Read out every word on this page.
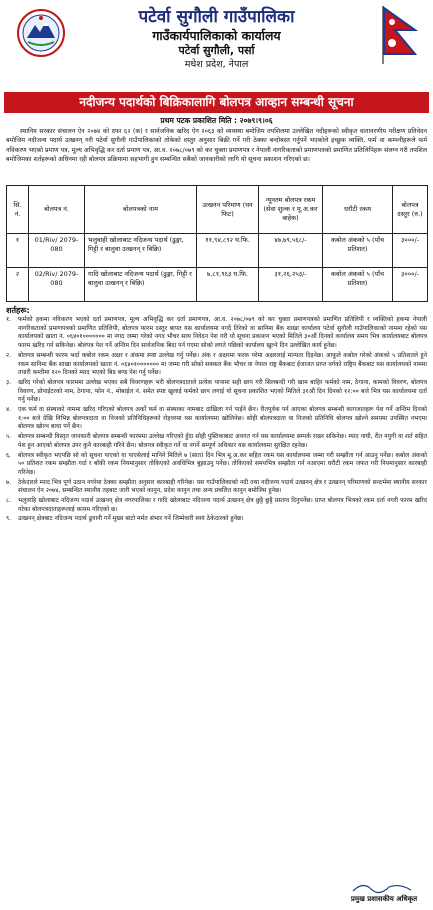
पटेर्वा सुगौली गाउँपालिका
गाउँकार्यपालिकाको कार्यालय
पटेर्वा सुगौली, पर्सा
मधेश प्रदेश, नेपाल
नदीजन्य पदार्थको बिक्रिकालागि बोलपत्र आव्हान सम्बन्धी सूचना
प्रथम पटक प्रकाशित मिति : २०७९।९।०६

स्थानिय सरकार संचालन ऐन २०७४ को दफा ६२ (क) र सार्वजनिक खरिद ऐन २०६३ को व्यवस्था बमोजिम तपशिलमा उल्लेखित नदीहरूको स्वीकृत वातावरणीय परीक्षण प्रतिवेदन बमोजिम नदीजन्य पदार्थ उत्खनन् गरी पटेर्वा सुगौली गाउँपालिकाको तोकेको दस्तुर अनुसार बिक्री गर्ने गरी ठेक्का बन्दोबस्त गर्नुपर्ने भएकोले इच्छुक व्यक्ति, फर्म वा कम्पनीहरूले फर्म नविकरण भएको प्रमाण पत्र, मूल्य अभिवृद्धि कर दर्ता प्रमाण पत्र, आ.व. २०७८/०७९ को कर चुक्ता प्रमाणपत्र र नेपाली नागरिकताको प्रमाणपत्रको प्रमाणित प्रतिलिपिहरू संलग्न गरी तपशिल बमोजिमका शर्तहरूको अधिनमा रही बोलपत्र प्रक्रियामा सहभागी हुन सम्बन्धित सबैको जानकारीको लागि यो सूचना प्रकाशन गरिएको छ।

सि. नं.	बोलपत्र नं.	बोलपत्रको नाम	उत्खनन परिमाण (घन फिट)	न्यूनतम बोलपत्र रकम (सेवा शुल्क र मू.अ.कर बाहेक)	धरौटी रकम	बोलपत्र दस्तुर (रु.)
१	01/Riv/ 2079-080	भलुवाही खोलाबाट नदिजन्य पदार्थ (ढुङ्गा, गिट्टी र बालुवा उत्खनन् र बिक्रि)	११,९४,८९२ घ.फि.	४७,७९,५६८/-	कबोल अंकको ५ (पाँच प्रतिशत)	३०००/-
२	02/Riv/ 2079-080	गादि खोलाबाट नदिजन्य पदार्थ (ढुङ्गा, गिट्टी र बालुवा उत्खनन् र बिक्रि)	७,८१,९६३ घ.फि.	३१,२६,२५३/-	कबोल अंकको ५ (पाँच प्रतिशत)	३०००/-
शर्तहरू:
१. फर्मको हकमा नविकरण भएको दर्ता प्रमाणपत्र, मूल्य अभिवृद्धि कर दर्ता प्रमाणपत्र, आ.व. २०७८/०७९ को कर चुक्ता प्रमाणपत्रको प्रमाणित प्रतिलिपी र व्यक्तिको हकमा नेपाली नागरिकताको प्रमाणपत्रको प्रमाणित प्रतिलिपी, बोलपत्र फारम दस्तुर बापत यस कार्यालयमा नगदै तिरेको वा सानिमा बैंक शाखा कार्यालय पटेर्वा सुगौली गाउँपालिकाको नाममा रहेको यस कार्यालयको खाता नं. ०६४०१००००००० मा नगद जम्मा गरेको नगद भौचर साथ निवेदन पेश गरी यो सूचना प्रकाशन भएको मितिले ३०औं दिनको कार्यालय समय भित्र कार्यालयबाट बोलपत्र फारम खरिद गर्न सकिनेछ। बोलपत्र पेश गर्ने अन्तिम दिन सार्वजनिक बिदा पर्न गएमा सोको लगते पछिको कार्यालय खुल्ने दिन उल्लेखित कार्य हुनेछ।
२. बोलपत्र सम्बन्धी फारम भर्दा कबोल रकम अक्षर र अंकमा स्पष्ट उल्लेख गर्नु पर्नेछ। अंक र अक्षरमा फरक परेमा अक्षरलाई मान्यता दिइनेछ। आफूले कबोल गरेको अंकको ५ प्रतिशतले हुने रकम सानिमा बैंक शाखा कार्यालयको खाता नं. ०६४०१००००००० मा जम्मा गरी सोको सक्कल बैंक भौचर वा नेपाल राष्ट्र बैंकबाट ईजाजत प्राप्त वर्गको राष्ट्रिय बैंकबाट यस कार्यालयको नाममा तयारी कम्तीमा १२० दिनको म्याद भएको बिड बण्ड पेश गर्नु पर्नेछ।
३. खरिद गरेको बोलपत्र फारममा उल्लेख भएका सबै विवरणहरू भरी बोलपत्रदाताले प्रत्येक पानामा सही छाप गरी सिलबन्दी गरी खाम बाहिर फर्मको नाम, ठेगाना, कामको विवरण, बोलपत्र विवरण, प्रोपाईटरको नाम, ठेगाना, फोन नं., मोबाईल नं. समेत स्पष्ट खुलाई फर्मको छाप लगाई यो सूचना प्रकाशित भएको मितिले ३१औं दिन दिनको १२:०० बजे भित्र यस कार्यालयमा दर्ता गर्नु पर्नेछ।
४. एक फर्म वा संस्थाको नाममा खरिद गरिएको बोलपत्र अर्को फर्म वा संस्थाका नामबाट दाखिला गर्न पाईने छैन। रीतपूर्वक पर्न आएका बोलपत्र सम्बन्धी कागजातहरू पेश गर्ने अन्तिम दिनको १:०० बजे देखि विभिन्न बोलपत्रदाता वा निजको प्रतिनिधिहरूको रोहवरमा यस कार्यालयमा खोलिनेछ। सोही बोलपत्रदाता वा निजको प्रतिनिधि बोलपत्र खोल्ने समयमा उपस्थित नभएमा बोलपत्र खोल्न बाधा पर्ने छैन।
५. बोलपत्र सम्बन्धी विस्तृत जानकारी बोलपत्र सम्बन्धी फारममा उल्लेख गरिएको हुँदा सोही पुस्तिकाबाट अवगत गर्न यस कार्यालयमा सम्पर्क राख्न सकिनेछ। म्याद नाघी, रीत नपुगी वा शर्त सहित पेश हुन आएको बोलपत्र उपर कुनै कारबाही गरिने छैन। बोलपत्र स्वीकृत गर्ने वा नगर्ने सम्पूर्ण अधिकार यस कार्यालयमा सुरक्षित रहनेछ।
६. बोलपत्र स्वीकृत भएपछि सो को सूचना पाएको वा पाएसेलाई मानिने मितिले ७ (सात) दिन भित्र मू.अ.कर सहित रकम यस कार्यालयमा जम्मा गरी सम्झौता गर्न आउनु पर्नेछ। कबोल अंकको ५० प्रतिशत रकम सम्झौता गर्दा र बाँकी रकम नियमानुसार तोकिएको अवधिभित्र बुझाउनु पर्नेछ। तोकिएको समयभित्र सम्झौता गर्न नआएमा धरौटी रकम जफत गरी नियमानुसार कारबाही गरिनेछ।
७. ठेकेदारले म्याद भित्र पूर्ण उठान नगरेमा ठेक्का सम्झौता अनुसार कारबाही गरिनेछ। यस गाउँपालिकाको नदी तथा नदीजन्य पदार्थ उत्खनन् क्षेत्र र उत्खनन् परिमाणको सन्दर्भमा स्थानीय सरकार संचालन ऐन २०७४, सम्बन्धित स्थानीय तहबाट जारी भएको कानुन, प्रदेश कानुन तथा अन्य प्रचलित कानुन बमोजिम हुनेछ।
८. भलुवाहि खोलाबाट नदिजन्य पदार्थ उत्खनन् क्षेत्र नगरपालिका र गादि खोलाबाट नदिजन्य पदार्थ उत्खनन् क्षेत्र छुट्टै छुट्टै प्रस्ताव दिनुपर्नेछ। प्राप्त बोलपत्र भित्रको रकम दर्ता नगरी फारम खरिद गरेका बोलपत्रदाताहरूलाई कायम गरिएको छ।
९. उत्खनन् क्षेत्रबाट नदिजन्य पदार्थ ढुवानी गर्ने मुख्य बाटो मर्मत संभार गर्ने जिम्मेवारी स्वयं ठेकेदारको हुनेछ।
प्रमुख प्रशासकीय अधिकृत
